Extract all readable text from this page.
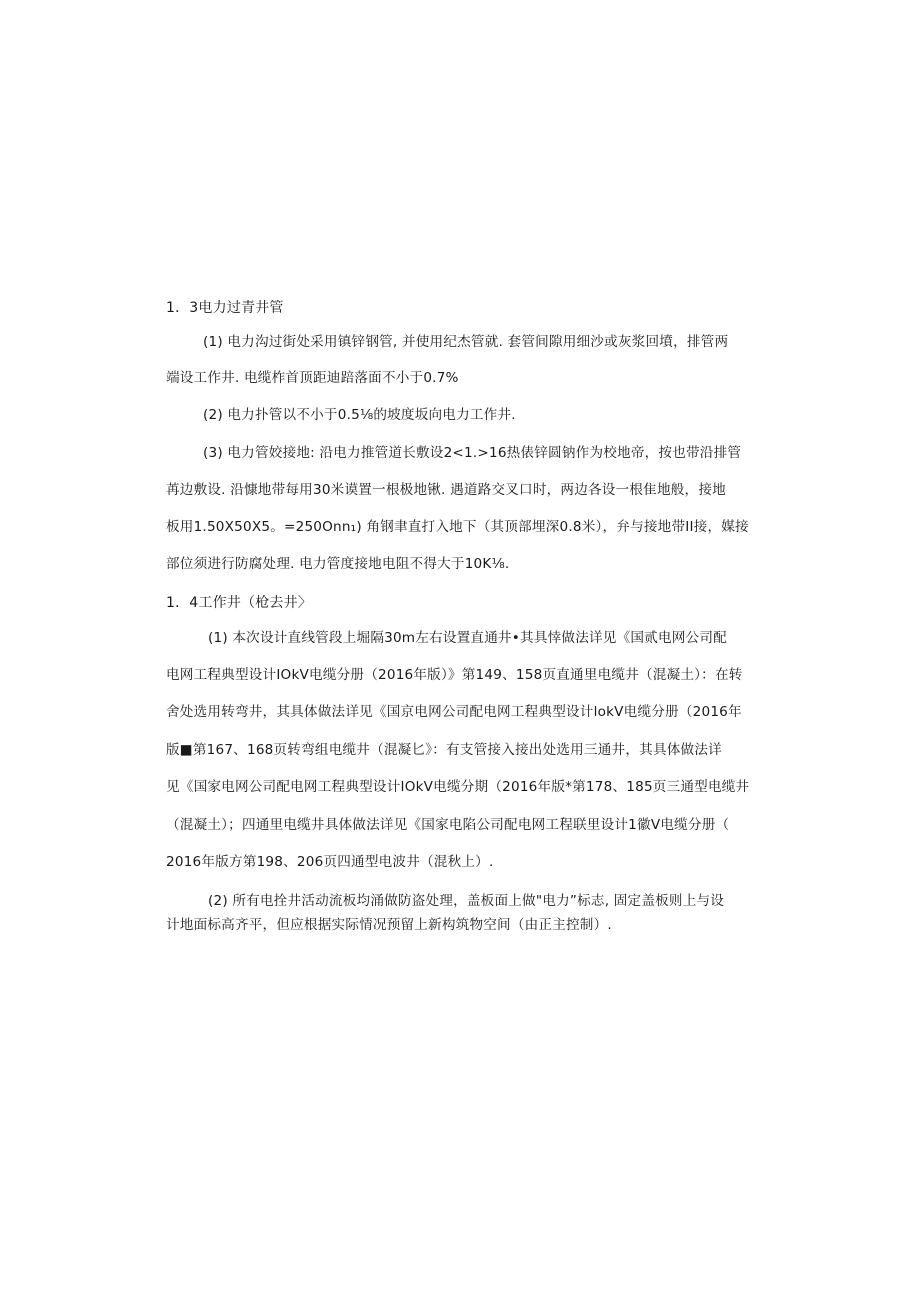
1．3电力过青井管
(1) 电力沟过街处采用镇锌钢管, 并使用纪杰管就. 套管间隙用细沙或灰浆回墳，排管两
端设工作井. 电缆柞首顶距迪踣落面不小于0.7%
(2) 电力扑管以不小于0.5⅛的坡度坂向电力工作井.
(3) 电力管姣接地: 沿电力推管道长敷设2<1.>16热俵锌圆钠作为校地帝，按也带沿排管
苒边敷设. 沿慷地带每用30米谟置一根极地锹. 遇道路交叉口时，两边各设一根隹地般，接地
板用1.50X50X5。=250Onn₁) 角钢聿直打入地下（其顶部埋深0.8米），弁与接地带II接，媒接
部位须进行防腐处理. 电力管度接地电阻不得大于10K⅛.
1．4工作井（枪去井〉
(1) 本次设计直线管段上堀隔30m左右设置直通井•其具悻做法详见《国贰电网公司配
电网工程典型设计IOkV电缆分册（2016年版）》第149、158页直通里电缆井（混凝土）：在转
舍处选用转弯井，其具体做法详见《国京电网公司配电网工程典型设计lokV电缆分册（2016年
版■第167、168页转弯组电缆井（混凝匕》：有支管接入接出处选用三通井，其具体做法详
见《国家电网公司配电网工程典型设计IOkV电缆分期（2016年版*第178、185页三通型电缆井
（混凝土）；四通里电缆井具体做法详见《国家电陷公司配电网工程联里设计1徽V电缆分册（
2016年版方第198、206页四通型电波井（混秋上）.
(2) 所有电拴井活动流板均涌做防盗处理，盖板面上做"电力”标志, 固定盖板则上与设
计地面标高齐平，但应根据实际情况预留上新构筑物空间（由正主控制）.
